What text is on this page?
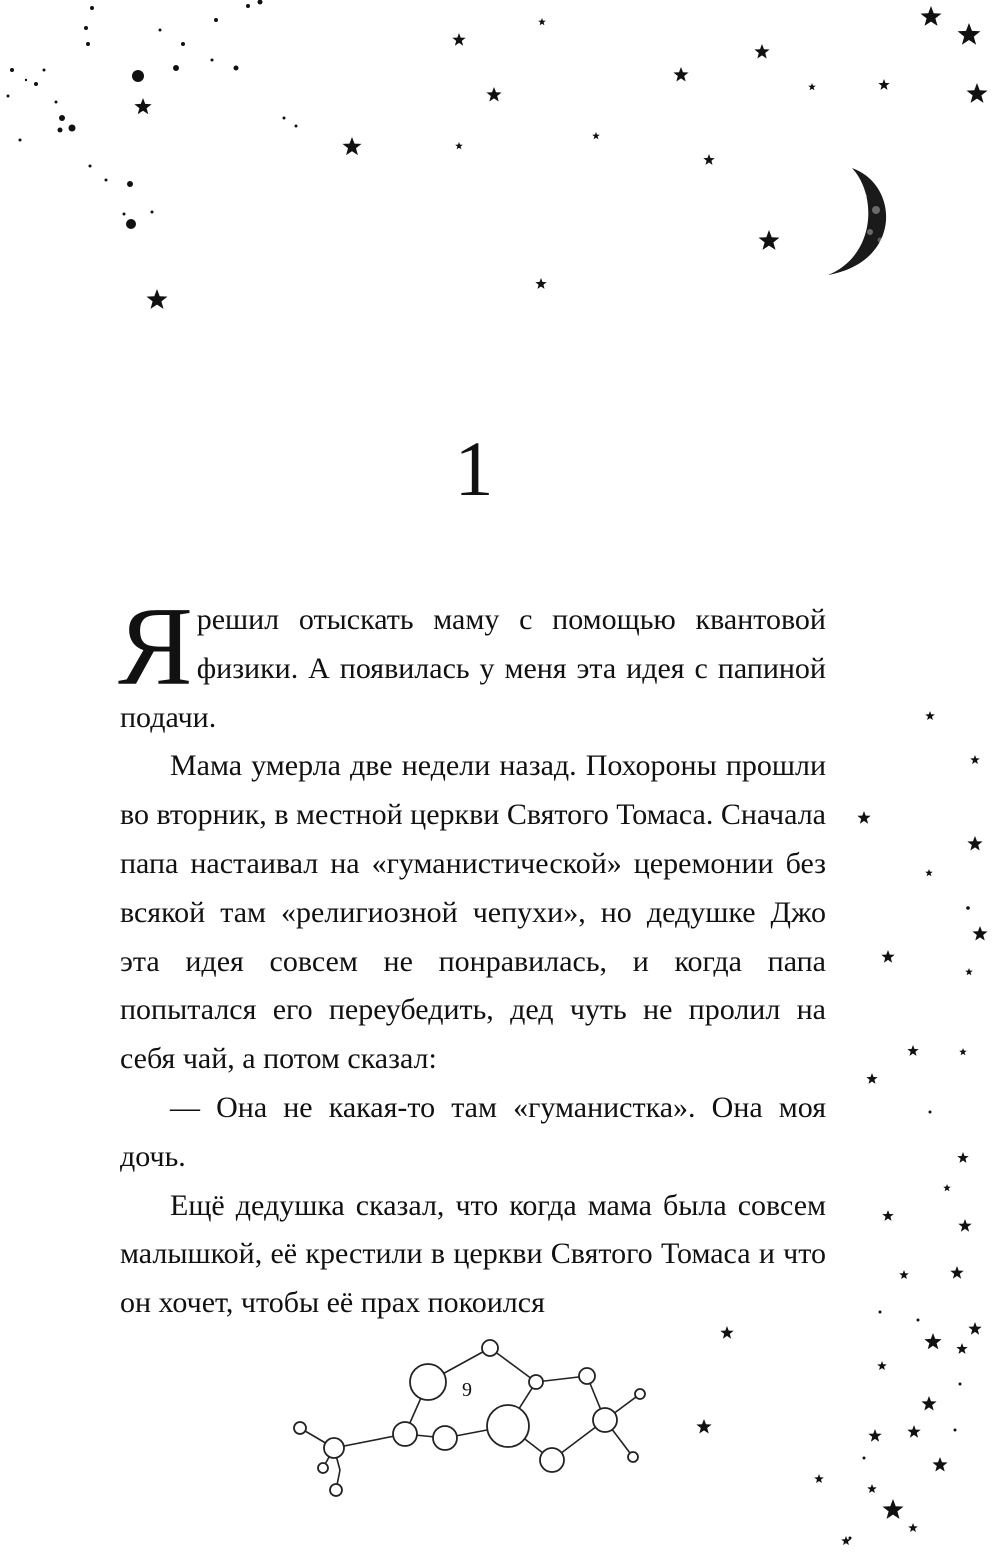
1

Ярешил отыскать маму с помощью квантовой физики. А появилась у меня эта идея с папиной подачи.

Мама умерла две недели назад. Похороны прошли во вторник, в местной церкви Святого Томаса. Сначала папа настаивал на «гуманистической» церемонии без всякой там «религиозной чепухи», но дедушке Джо эта идея совсем не понравилась, и когда папа попытался его переубедить, дед чуть не пролил на себя чай, а потом сказал:

— Она не какая-то там «гуманистка». Она моя дочь.

Ещё дедушка сказал, что когда мама была совсем малышкой, её крестили в церкви Святого Томаса и что он хочет, чтобы её прах покоился

9
